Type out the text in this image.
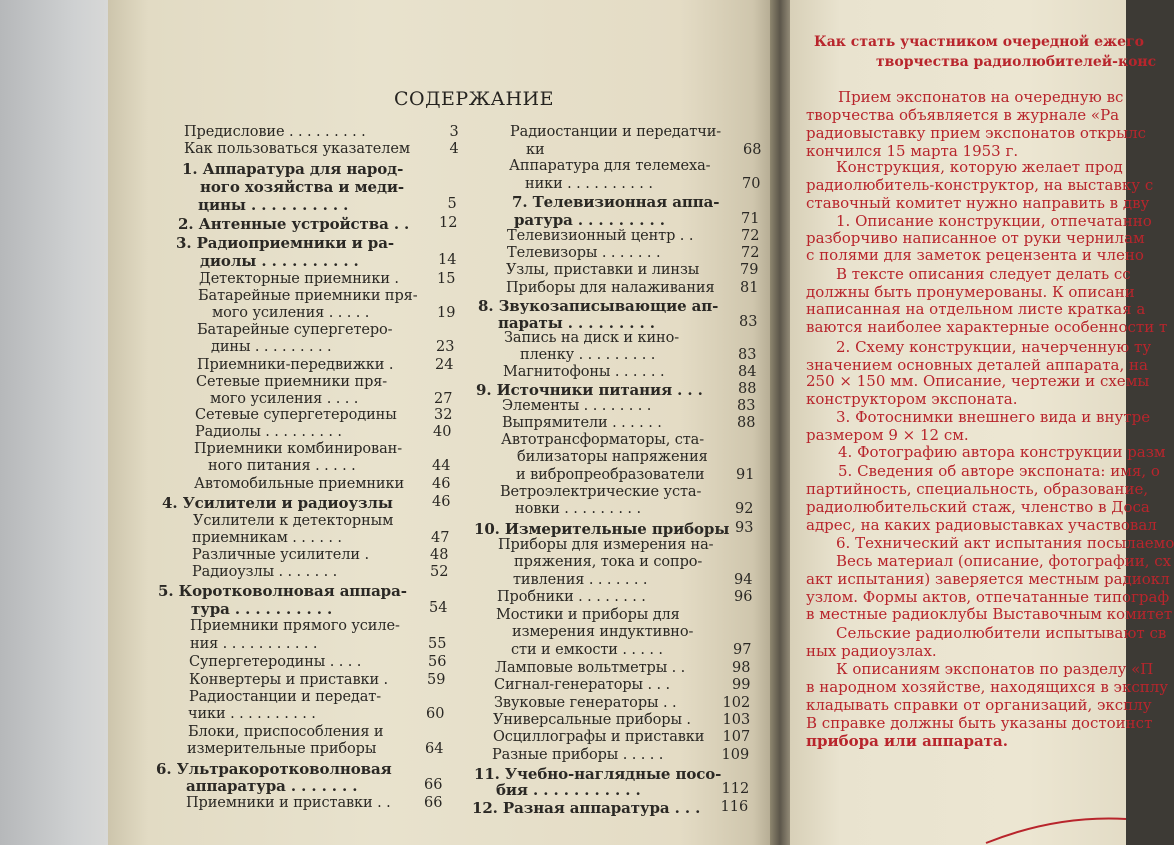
СОДЕРЖАНИЕ
Как стать участником очередной ежего
творчества радиолюбителей-конс
Прием экспонатов на очередную вс
творчества объявляется в журнале «Ра
радиовыставку прием экспонатов открылс
кончился 15 марта 1953 г.
Конструкция, которую желает прод
радиолюбитель-конструктор, на выставку с
ставочный комитет нужно направить в дву
1. Описание конструкции, отпечатанно
разборчиво написанное от руки чернилам
с полями для заметок рецензента и члено
В тексте описания следует делать сс
должны быть пронумерованы. К описани
написанная на отдельном листе краткая а
ваются наиболее характерные особенности т
2. Схему конструкции, начерченную ту
значением основных деталей аппарата, на
250 × 150 мм. Описание, чертежи и схемы
конструктором экспоната.
3. Фотоснимки внешнего вида и внутре
размером 9 × 12 см.
4. Фотографию автора конструкции разм
5. Сведения об авторе экспоната: имя, о
партийность, специальность, образование,
радиолюбительский стаж, членство в Доса
адрес, на каких радиовыставках участвовал
6. Технический акт испытания посылаемо
Весь материал (описание, фотографии, сх
акт испытания) заверяется местным радиокл
узлом. Формы актов, отпечатанные типограф
в местные радиоклубы Выставочным комитет
Сельские радиолюбители испытывают св
ных радиоузлах.
К описаниям экспонатов по разделу «П
в народном хозяйстве, находящихся в эксплу
кладывать справки от организаций, эксплу
В справке должны быть указаны достоинст
прибора или аппарата.
Предисловие . . . . . . . . .	3
Как пользоваться указателем	4
1. Аппаратура для народ-
ного хозяйства и меди-
цины . . . . . . . . . .	5
2. Антенные устройства . . 12
3. Радиоприемники и ра-
диолы . . . . . . . . . .	14
Детекторные приемники .	15
Батарейные приемники пря-
мого усиления . . . . .	19
Батарейные супергетеро-
дины . . . . . . . . .	23
Приемники-передвижки .	24
Сетевые приемники пря-
мого усиления . . . .	27
Сетевые супергетеродины	32
Радиолы . . . . . . . . .	40
Приемники комбинирован-
ного питания . . . . .	44
Автомобильные приемники 46
4. Усилители и радиоузлы	46
Усилители к детекторным
приемникам . . . . . .	47
Различные усилители .	48
Радиоузлы . . . . . . .	52
5. Коротковолновая аппара-
тура . . . . . . . . . .	54
Приемники прямого усиле-
ния . . . . . . . . . . .	55
Супергетеродины . . . .	56
Конвертеры и приставки .	59
Радиостанции и передат-
чики . . . . . . . . . .	60
Блоки, приспособления и
измерительные приборы	64
6. Ультракоротковолновая
аппаратура . . . . . . .	66
Приемники и приставки . . 66
Радиостанции и передатчи-
ки	68
Аппаратура для телемеха-
ники . . . . . . . . . .	70
7. Телевизионная аппа-
ратура . . . . . . . . .	71
Телевизионный центр . .	72
Телевизоры . . . . . . .	72
Узлы, приставки и линзы	79
Приборы для налаживания 81
8. Звукозаписывающие ап-
параты . . . . . . . . .	83
Запись на диск и кино-
пленку . . . . . . . . .	83
Магнитофоны . . . . . .	84
9. Источники питания . . . 88
Элементы . . . . . . . .	83
Выпрямители . . . . . .	88
Автотрансформаторы, ста-
билизаторы напряжения
и вибропреобразователи 91
Ветроэлектрические уста-
новки . . . . . . . . .	92
10. Измерительные приборы 93
Приборы для измерения на-
пряжения, тока и сопро-
тивления . . . . . . .	94
Пробники . . . . . . . .	96
Мостики и приборы для
измерения индуктивно-
сти и емкости . . . . .	97
Ламповые вольтметры . .	98
Сигнал-генераторы . . .	99
Звуковые генераторы . .	102
Универсальные приборы . 103
Осциллографы и приставки 107
Разные приборы . . . . .	109
11. Учебно-наглядные посо-
бия . . . . . . . . . . .	112
12. Разная аппаратура . . . 116
